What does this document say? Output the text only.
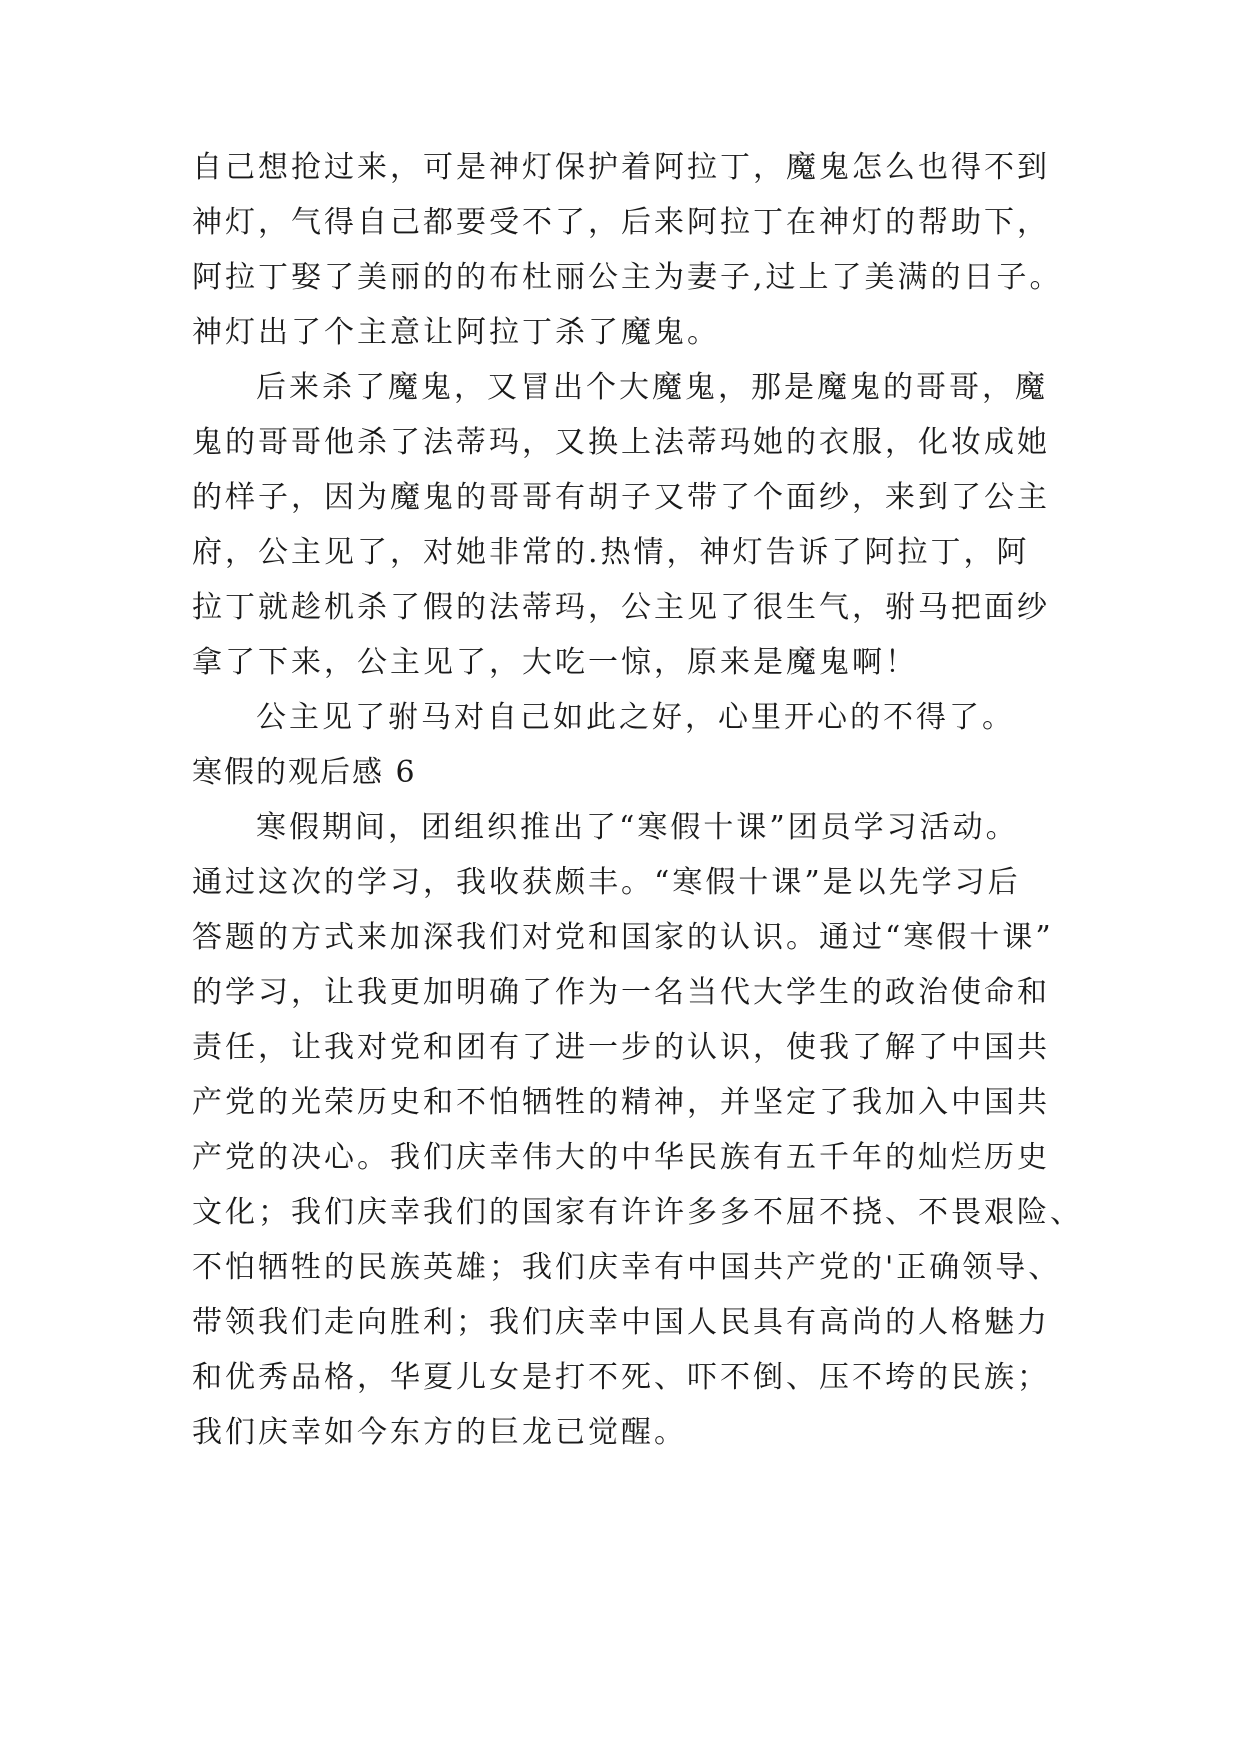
自己想抢过来，可是神灯保护着阿拉丁，魔鬼怎么也得不到

神灯，气得自己都要受不了，后来阿拉丁在神灯的帮助下，

阿拉丁娶了美丽的的布杜丽公主为妻子,过上了美满的日子。

神灯出了个主意让阿拉丁杀了魔鬼。

后来杀了魔鬼，又冒出个大魔鬼，那是魔鬼的哥哥，魔

鬼的哥哥他杀了法蒂玛，又换上法蒂玛她的衣服，化妆成她

的样子，因为魔鬼的哥哥有胡子又带了个面纱，来到了公主

府，公主见了，对她非常的.热情，神灯告诉了阿拉丁，阿

拉丁就趁机杀了假的法蒂玛，公主见了很生气，驸马把面纱

拿了下来，公主见了，大吃一惊，原来是魔鬼啊！

公主见了驸马对自己如此之好，心里开心的不得了。

寒假的观后感 6

寒假期间，团组织推出了“寒假十课”团员学习活动。

通过这次的学习，我收获颇丰。“寒假十课”是以先学习后

答题的方式来加深我们对党和国家的认识。通过“寒假十课”

的学习，让我更加明确了作为一名当代大学生的政治使命和

责任，让我对党和团有了进一步的认识，使我了解了中国共

产党的光荣历史和不怕牺牲的精神，并坚定了我加入中国共

产党的决心。我们庆幸伟大的中华民族有五千年的灿烂历史

文化；我们庆幸我们的国家有许许多多不屈不挠、不畏艰险、

不怕牺牲的民族英雄；我们庆幸有中国共产党的'正确领导、

带领我们走向胜利；我们庆幸中国人民具有高尚的人格魅力

和优秀品格，华夏儿女是打不死、吓不倒、压不垮的民族；

我们庆幸如今东方的巨龙已觉醒。
